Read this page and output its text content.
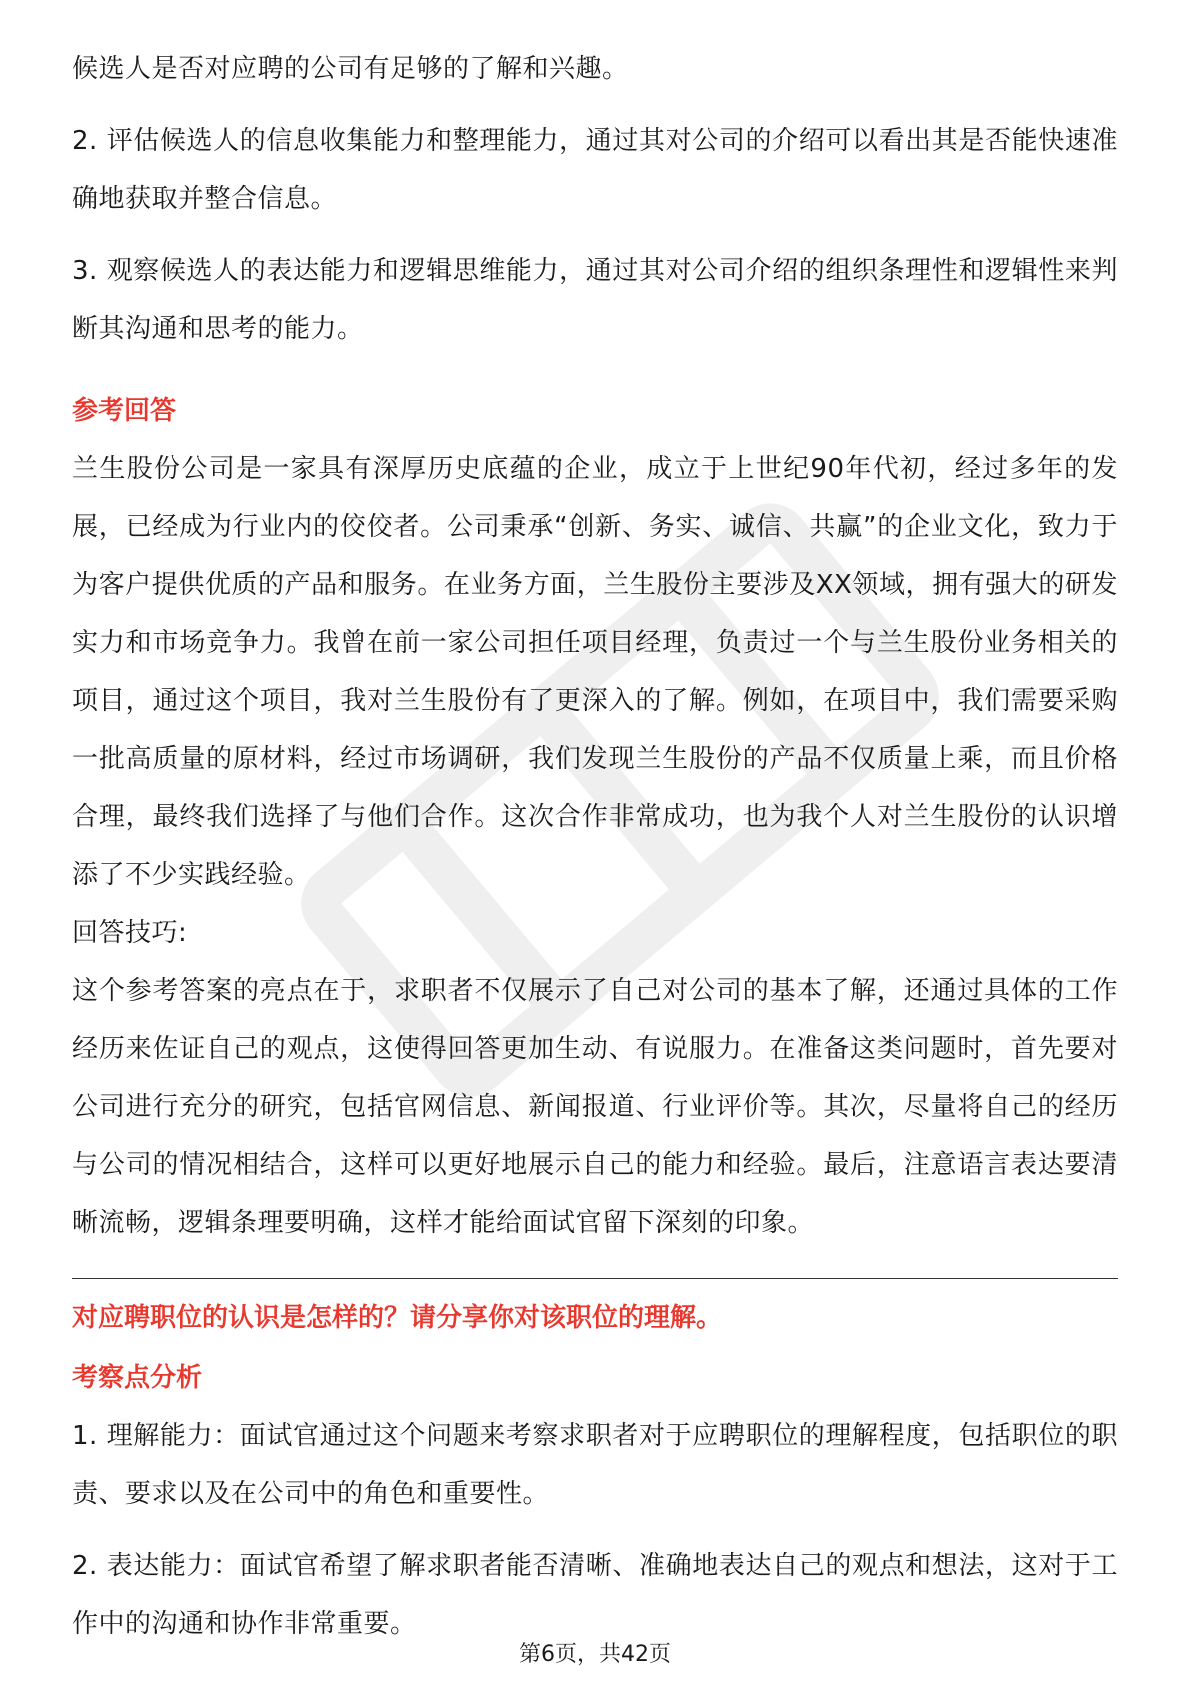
候选人是否对应聘的公司有足够的了解和兴趣。

2. 评估候选人的信息收集能力和整理能力，通过其对公司的介绍可以看出其是否能快速准确地获取并整合信息。

3. 观察候选人的表达能力和逻辑思维能力，通过其对公司介绍的组织条理性和逻辑性来判断其沟通和思考的能力。

参考回答

兰生股份公司是一家具有深厚历史底蕴的企业，成立于上世纪90年代初，经过多年的发展，已经成为行业内的佼佼者。公司秉承“创新、务实、诚信、共赢”的企业文化，致力于为客户提供优质的产品和服务。在业务方面，兰生股份主要涉及XX领域，拥有强大的研发实力和市场竞争力。我曾在前一家公司担任项目经理，负责过一个与兰生股份业务相关的项目，通过这个项目，我对兰生股份有了更深入的了解。例如，在项目中，我们需要采购一批高质量的原材料，经过市场调研，我们发现兰生股份的产品不仅质量上乘，而且价格合理，最终我们选择了与他们合作。这次合作非常成功，也为我个人对兰生股份的认识增添了不少实践经验。

回答技巧:

这个参考答案的亮点在于，求职者不仅展示了自己对公司的基本了解，还通过具体的工作经历来佐证自己的观点，这使得回答更加生动、有说服力。在准备这类问题时，首先要对公司进行充分的研究，包括官网信息、新闻报道、行业评价等。其次，尽量将自己的经历与公司的情况相结合，这样可以更好地展示自己的能力和经验。最后，注意语言表达要清晰流畅，逻辑条理要明确，这样才能给面试官留下深刻的印象。

对应聘职位的认识是怎样的？请分享你对该职位的理解。

考察点分析

1. 理解能力：面试官通过这个问题来考察求职者对于应聘职位的理解程度，包括职位的职责、要求以及在公司中的角色和重要性。

2. 表达能力：面试官希望了解求职者能否清晰、准确地表达自己的观点和想法，这对于工作中的沟通和协作非常重要。

第6页，共42页
